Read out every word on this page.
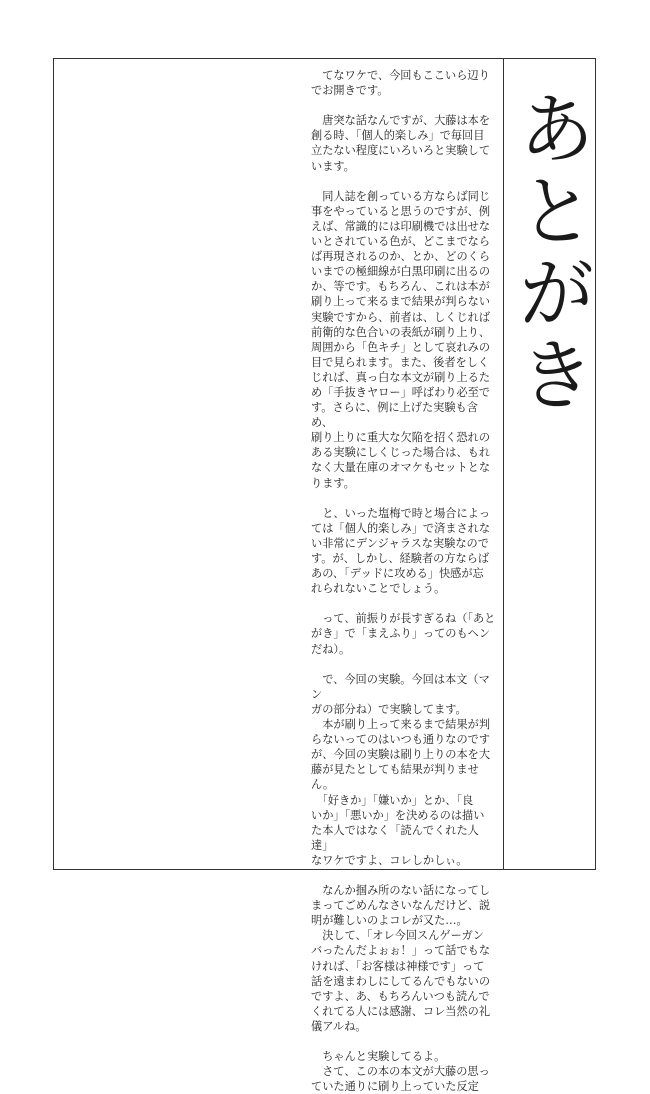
あとがき

　てなワケで、今回もここいら辺り
でお開きです。

　唐突な話なんですが、大藤は本を
創る時、「個人的楽しみ」で毎回目
立たない程度にいろいろと実験して
います。

　同人誌を創っている方ならば同じ
事をやっていると思うのですが、例
えば、常識的には印刷機では出せな
いとされている色が、どこまでなら
ば再現されるのか、とか、どのくら
いまでの極細線が白黒印刷に出るの
か、等です。もちろん、これは本が
刷り上って来るまで結果が判らない
実験ですから、前者は、しくじれば
前衛的な色合いの表紙が刷り上り、
周囲から「色キチ」として哀れみの
目で見られます。また、後者をしく
じれば、真っ白な本文が刷り上るた
め「手抜きヤロー」呼ばわり必至で
す。さらに、例に上げた実験も含め、
刷り上りに重大な欠陥を招く恐れの
ある実験にしくじった場合は、もれ
なく大量在庫のオマケもセットとな
ります。

　と、いった塩梅で時と場合によっ
ては「個人的楽しみ」で済まされな
い非常にデンジャラスな実験なので
す。が、しかし、経験者の方ならば
あの、「デッドに攻める」快感が忘
れられないことでしょう。

　って、前振りが長すぎるね（「あと
がき」で「まえふり」ってのもヘン
だね）。

　で、今回の実験。今回は本文（マン
ガの部分ね）で実験してます。
　本が刷り上って来るまで結果が判
らないってのはいつも通りなのです
が、今回の実験は刷り上りの本を大
藤が見たとしても結果が判りません。
　「好きか」「嫌いか」とか、「良
いか」「悪いか」を決めるのは描い
た本人ではなく「読んでくれた人達」
なワケですよ、コレしかしぃ。

　なんか掴み所のない話になってし
まってごめんなさいなんだけど、説
明が難しいのよコレが又た…。
　決して、「オレ今回スんゲーガン
バったんだよぉぉ！」って話でもな
ければ、「お客様は神様です」って
話を遠まわしにしてるんでもないの
ですよ、あ、もちろんいつも読んで
くれてる人には感謝、コレ当然の礼
儀アルね。

　ちゃんと実験してるよ。
　さて、この本の本文が大藤の思っ
ていた通りに刷り上っていた反定
